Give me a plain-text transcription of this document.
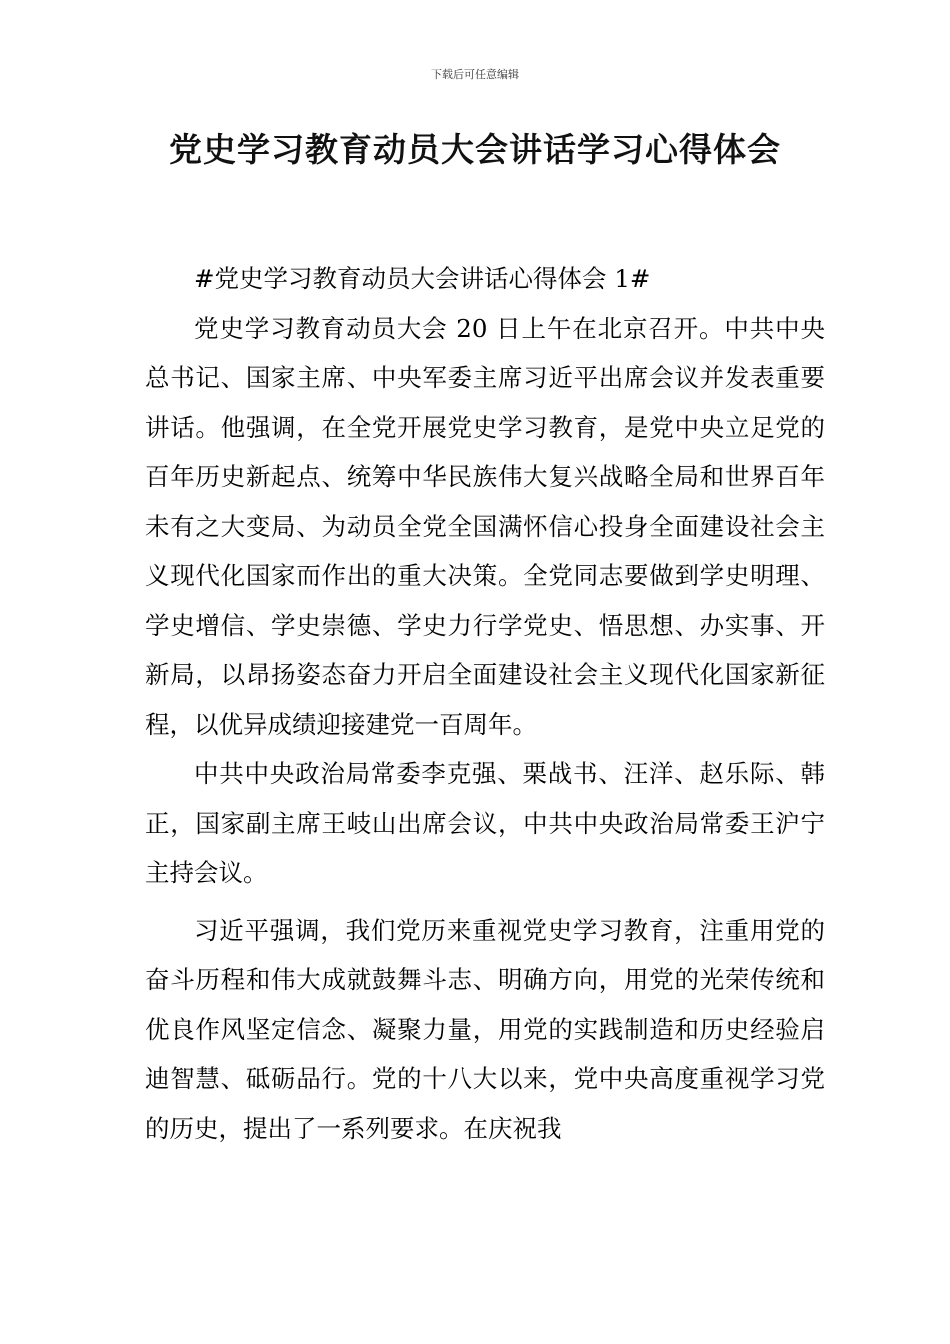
下载后可任意编辑
党史学习教育动员大会讲话学习心得体会

#党史学习教育动员大会讲话心得体会 1#

党史学习教育动员大会 20 日上午在北京召开。中共中央总书记、国家主席、中央军委主席习近平出席会议并发表重要讲话。他强调，在全党开展党史学习教育，是党中央立足党的百年历史新起点、统筹中华民族伟大复兴战略全局和世界百年未有之大变局、为动员全党全国满怀信心投身全面建设社会主义现代化国家而作出的重大决策。全党同志要做到学史明理、学史增信、学史崇德、学史力行学党史、悟思想、办实事、开新局，以昂扬姿态奋力开启全面建设社会主义现代化国家新征程，以优异成绩迎接建党一百周年。

中共中央政治局常委李克强、栗战书、汪洋、赵乐际、韩正，国家副主席王岐山出席会议，中共中央政治局常委王沪宁主持会议。

习近平强调，我们党历来重视党史学习教育，注重用党的奋斗历程和伟大成就鼓舞斗志、明确方向，用党的光荣传统和优良作风坚定信念、凝聚力量，用党的实践制造和历史经验启迪智慧、砥砺品行。党的十八大以来，党中央高度重视学习党的历史，提出了一系列要求。在庆祝我
